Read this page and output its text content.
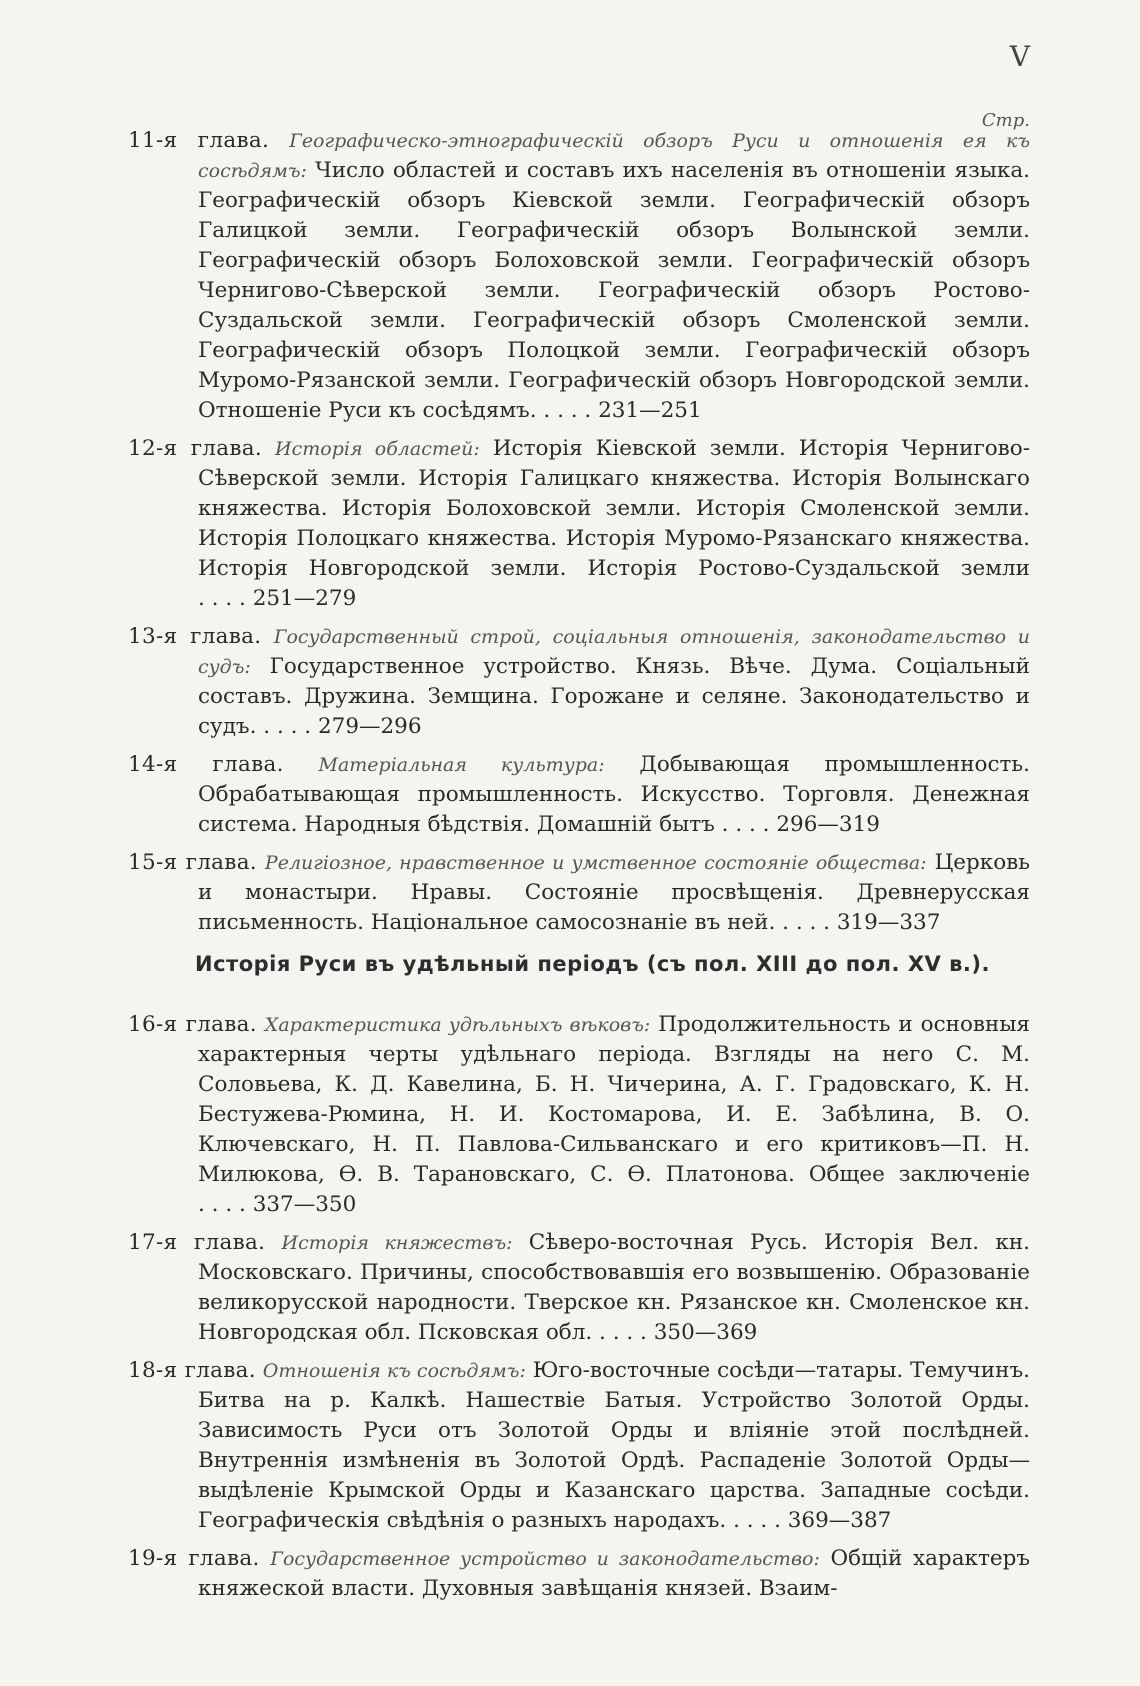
V
Стр.

11-я глава. Географическо-этнографическій обзоръ Руси и отношенія ея къ сосѣдямъ: Число областей и составъ ихъ населенія въ отношеніи языка. Географическій обзоръ Кіевской земли. Географическій обзоръ Галицкой земли. Географическій обзоръ Волынской земли. Географическій обзоръ Болоховской земли. Географическій обзоръ Чернигово-Сѣверской земли. Географическій обзоръ Ростово-Суздальской земли. Географическій обзоръ Смоленской земли. Географическій обзоръ Полоцкой земли. Географическій обзоръ Муромо-Рязанской земли. Географическій обзоръ Новгородской земли. Отношеніе Руси къ сосѣдямъ. . . . . 231—251

12-я глава. Исторія областей: Исторія Кіевской земли. Исторія Чернигово-Сѣверской земли. Исторія Галицкаго княжества. Исторія Волынскаго княжества. Исторія Болоховской земли. Исторія Смоленской земли. Исторія Полоцкаго княжества. Исторія Муромо-Рязанскаго княжества. Исторія Новгородской земли. Исторія Ростово-Суздальской земли . . . . 251—279

13-я глава. Государственный строй, соціальныя отношенія, законодательство и судъ: Государственное устройство. Князь. Вѣче. Дума. Соціальный составъ. Дружина. Земщина. Горожане и селяне. Законодательство и судъ. . . . . 279—296

14-я глава. Матеріальная культура: Добывающая промышленность. Обрабатывающая промышленность. Искусство. Торговля. Денежная система. Народныя бѣдствія. Домашній бытъ . . . . 296—319

15-я глава. Религіозное, нравственное и умственное состояніе общества: Церковь и монастыри. Нравы. Состояніе просвѣщенія. Древнерусская письменность. Національное самосознаніе въ ней. . . . . 319—337

Исторія Руси въ удѣльный періодъ (съ пол. XIII до пол. XV в.).

16-я глава. Характеристика удѣльныхъ вѣковъ: Продолжительность и основныя характерныя черты удѣльнаго періода. Взгляды на него С. М. Соловьева, К. Д. Кавелина, Б. Н. Чичерина, А. Г. Градовскаго, К. Н. Бестужева-Рюмина, Н. И. Костомарова, И. Е. Забѣлина, В. О. Ключевскаго, Н. П. Павлова-Сильванскаго и его критиковъ—П. Н. Милюкова, Ѳ. В. Тарановскаго, С. Ѳ. Платонова. Общее заключеніе . . . . 337—350

17-я глава. Исторія княжествъ: Сѣверо-восточная Русь. Исторія Вел. кн. Московскаго. Причины, способствовавшія его возвышенію. Образованіе великорусской народности. Тверское кн. Рязанское кн. Смоленское кн. Новгородская обл. Псковская обл. . . . . 350—369

18-я глава. Отношенія къ сосѣдямъ: Юго-восточные сосѣди—татары. Темучинъ. Битва на р. Калкѣ. Нашествіе Батыя. Устройство Золотой Орды. Зависимость Руси отъ Золотой Орды и вліяніе этой послѣдней. Внутреннія измѣненія въ Золотой Ордѣ. Распаденіе Золотой Орды—выдѣленіе Крымской Орды и Казанскаго царства. Западные сосѣди. Географическія свѣдѣнія о разныхъ народахъ. . . . . 369—387

19-я глава. Государственное устройство и законодательство: Общій характеръ княжеской власти. Духовныя завѣщанія князей. Взаим-
